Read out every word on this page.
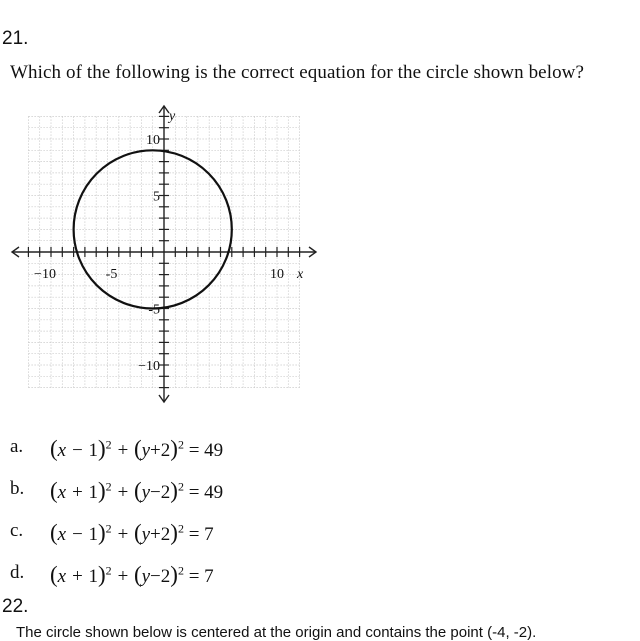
21.
Which of the following is the correct equation for the circle shown below?
−10	-5	10
10
5
-5
−10
x
y
a.	$(x - 1)^2 + (y+2)^2 = 49$
b.	$(x + 1)^2 + (y-2)^2 = 49$
c.	$(x - 1)^2 + (y+2)^2 = 7$
d.	$(x + 1)^2 + (y-2)^2 = 7$
22.
The circle shown below is centered at the origin and contains the point (-4, -2).
